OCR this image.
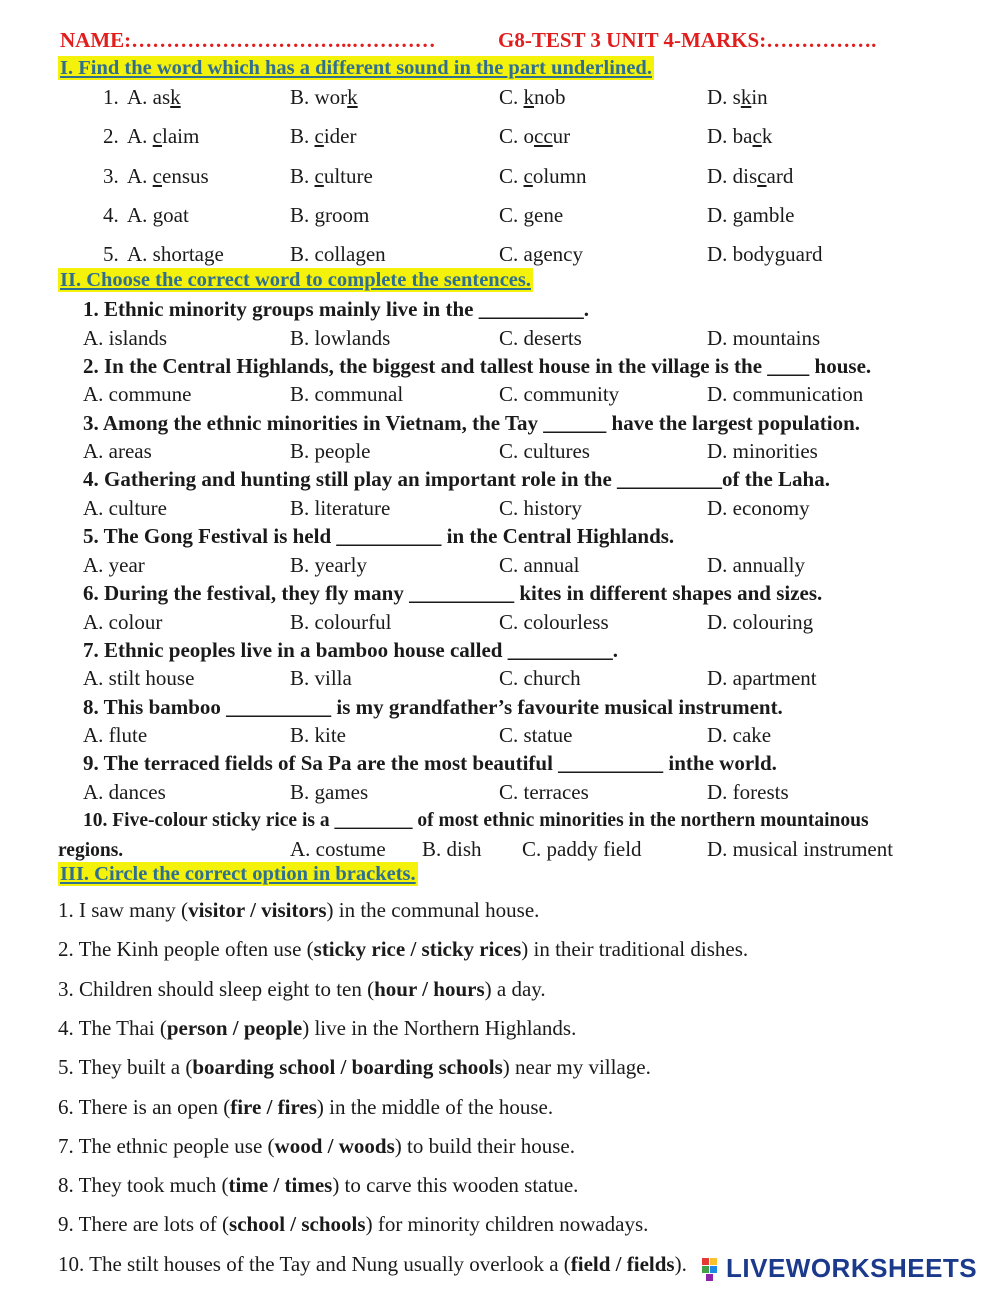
NAME:…………………………..…………	G8-TEST 3 UNIT 4-MARKS:…………….
I. Find the word which has a different sound in the part underlined.
1. A. ask	B. work	C. knob	D. skin
2. A. claim	B. cider	C. occur	D. back
3. A. census	B. culture	C. column	D. discard
4. A. goat	B. groom	C. gene	D. gamble
5. A. shortage	B. collagen	C. agency	D. bodyguard
II. Choose the correct word to complete the sentences.
1. Ethnic minority groups mainly live in the __________.
A. islands	B. lowlands	C. deserts	D. mountains
2. In the Central Highlands, the biggest and tallest house in the village is the ____ house.
A. commune	B. communal	C. community	D. communication
3. Among the ethnic minorities in Vietnam, the Tay ______ have the largest population.
A. areas	B. people	C. cultures	D. minorities
4. Gathering and hunting still play an important role in the __________of the Laha.
A. culture	B. literature	C. history	D. economy
5. The Gong Festival is held __________ in the Central Highlands.
A. year	B. yearly	C. annual	D. annually
6. During the festival, they fly many __________ kites in different shapes and sizes.
A. colour	B. colourful	C. colourless	D. colouring
7. Ethnic peoples live in a bamboo house called __________.
A. stilt house	B. villa	C. church	D. apartment
8. This bamboo __________ is my grandfather’s favourite musical instrument.
A. flute	B. kite	C. statue	D. cake
9. The terraced fields of Sa Pa are the most beautiful __________ inthe world.
A. dances	B. games	C. terraces	D. forests
10. Five-colour sticky rice is a ________ of most ethnic minorities in the northern mountainous
regions.	A. costume B. dish C. paddy field	D. musical instrument
III. Circle the correct option in brackets.
1. I saw many (visitor / visitors) in the communal house.
2. The Kinh people often use (sticky rice / sticky rices) in their traditional dishes.
3. Children should sleep eight to ten (hour / hours) a day.
4. The Thai (person / people) live in the Northern Highlands.
5. They built a (boarding school / boarding schools) near my village.
6. There is an open (fire / fires) in the middle of the house.
7. The ethnic people use (wood / woods) to build their house.
8. They took much (time / times) to carve this wooden statue.
9. There are lots of (school / schools) for minority children nowadays.
10. The stilt houses of the Tay and Nung usually overlook a (field / fields). LIVEWORKSHEETS
